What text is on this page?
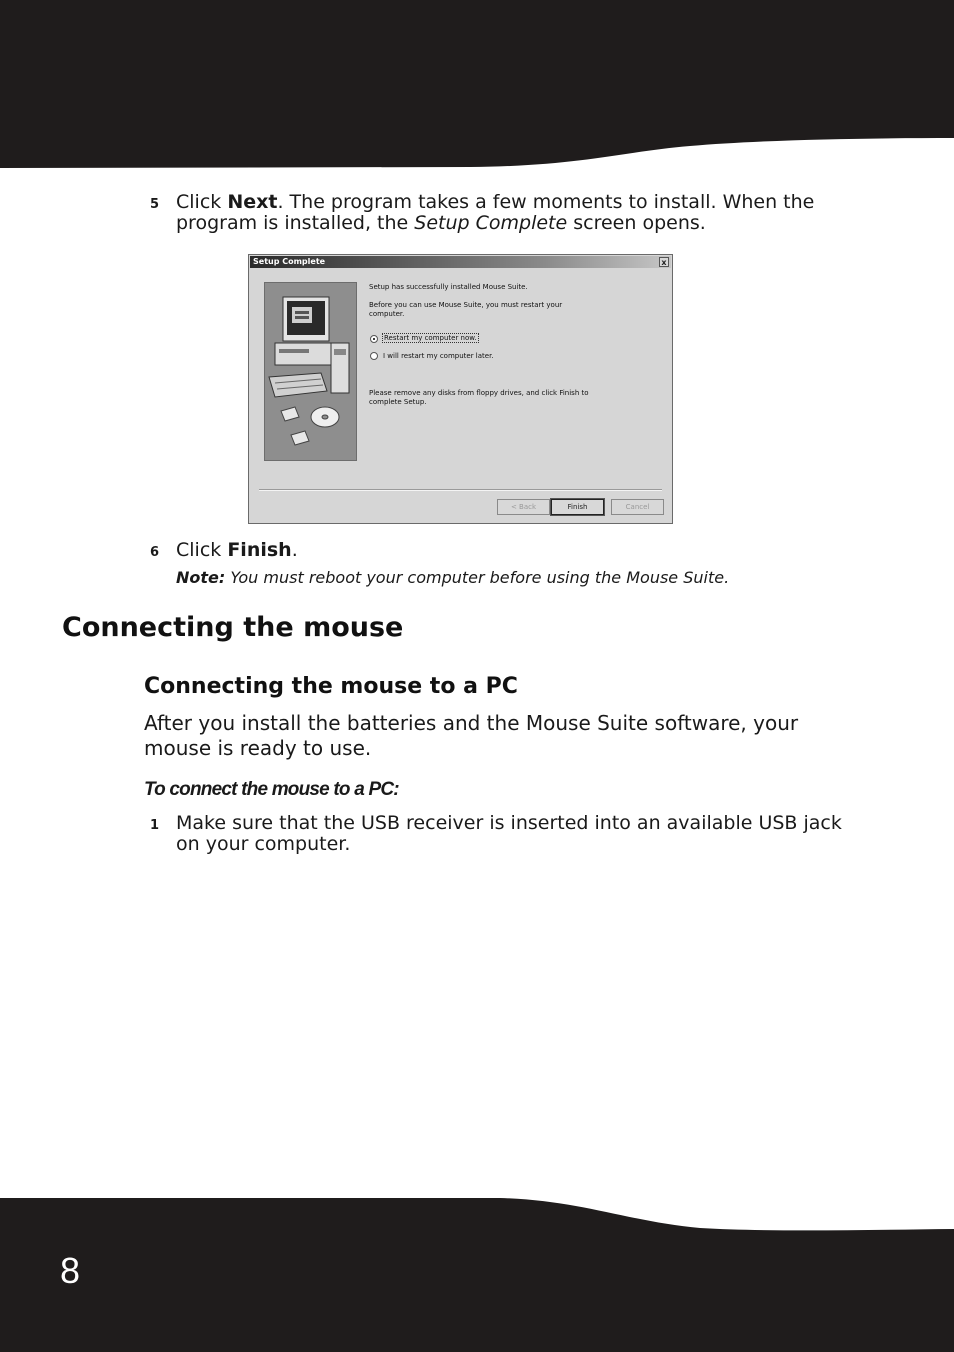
5 Click Next. The program takes a few moments to install. When the program is installed, the Setup Complete screen opens.
Setup Complete	x
Setup has successfully installed Mouse Suite.
Before you can use Mouse Suite, you must restart your computer.
Restart my computer now.
I will restart my computer later.
Please remove any disks from floppy drives, and click Finish to complete Setup.
< Back	Finish	Cancel
6 Click Finish.
Note: You must reboot your computer before using the Mouse Suite.
Connecting the mouse
Connecting the mouse to a PC

After you install the batteries and the Mouse Suite software, your mouse is ready to use.

To connect the mouse to a PC:
1 Make sure that the USB receiver is inserted into an available USB jack on your computer.
8
